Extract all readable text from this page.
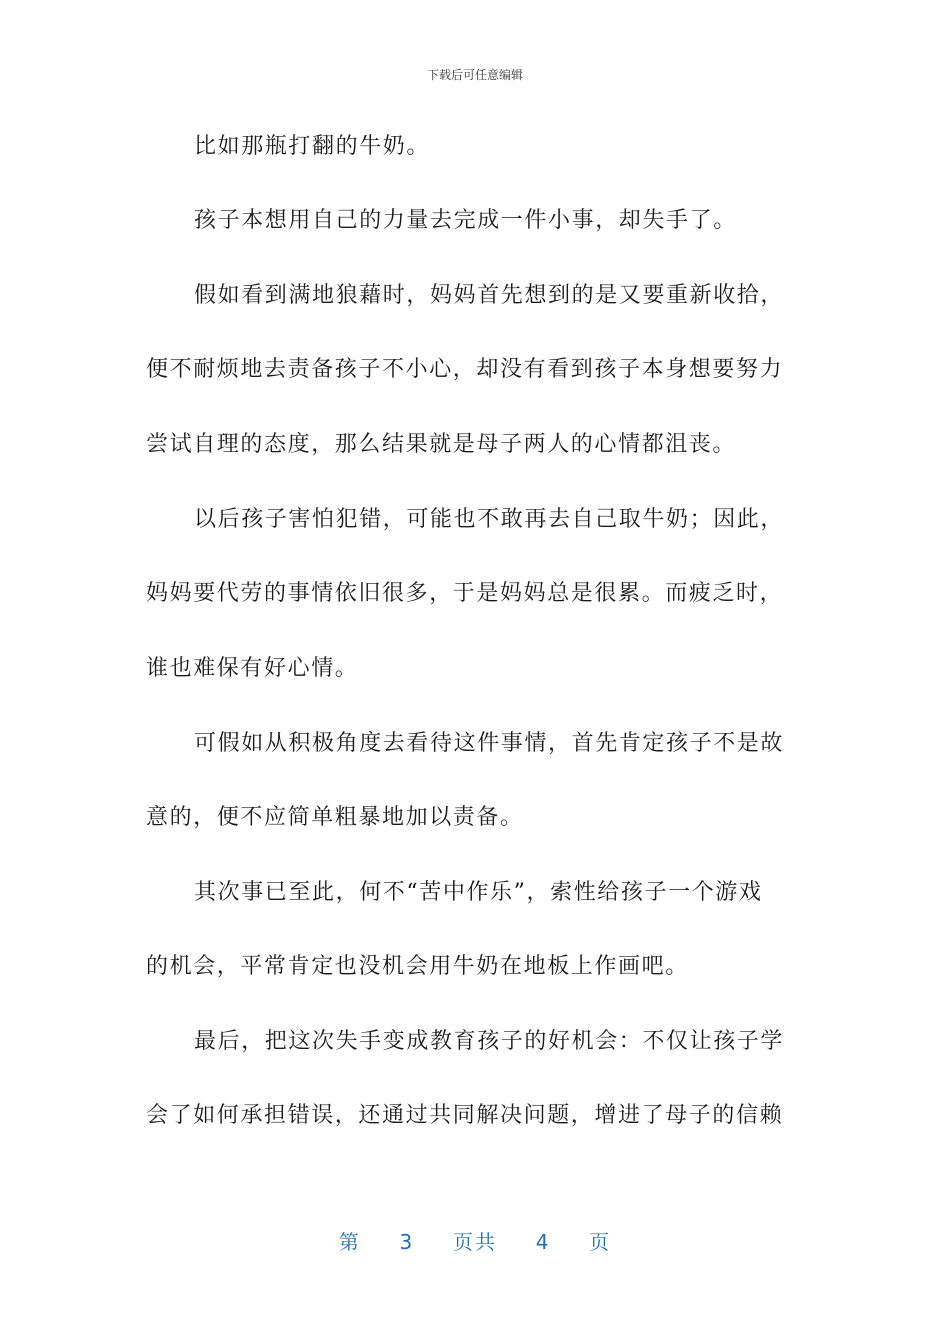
下载后可任意编辑
比如那瓶打翻的牛奶。
孩子本想用自己的力量去完成一件小事，却失手了。
假如看到满地狼藉时，妈妈首先想到的是又要重新收拾，
便不耐烦地去责备孩子不小心，却没有看到孩子本身想要努力
尝试自理的态度，那么结果就是母子两人的心情都沮丧。
以后孩子害怕犯错，可能也不敢再去自己取牛奶；因此，
妈妈要代劳的事情依旧很多，于是妈妈总是很累。而疲乏时，
谁也难保有好心情。
可假如从积极角度去看待这件事情，首先肯定孩子不是故
意的，便不应简单粗暴地加以责备。
其次事已至此，何不“苦中作乐”，索性给孩子一个游戏
的机会，平常肯定也没机会用牛奶在地板上作画吧。
最后，把这次失手变成教育孩子的好机会：不仅让孩子学
会了如何承担错误，还通过共同解决问题，增进了母子的信赖
第 3 页共 4 页
